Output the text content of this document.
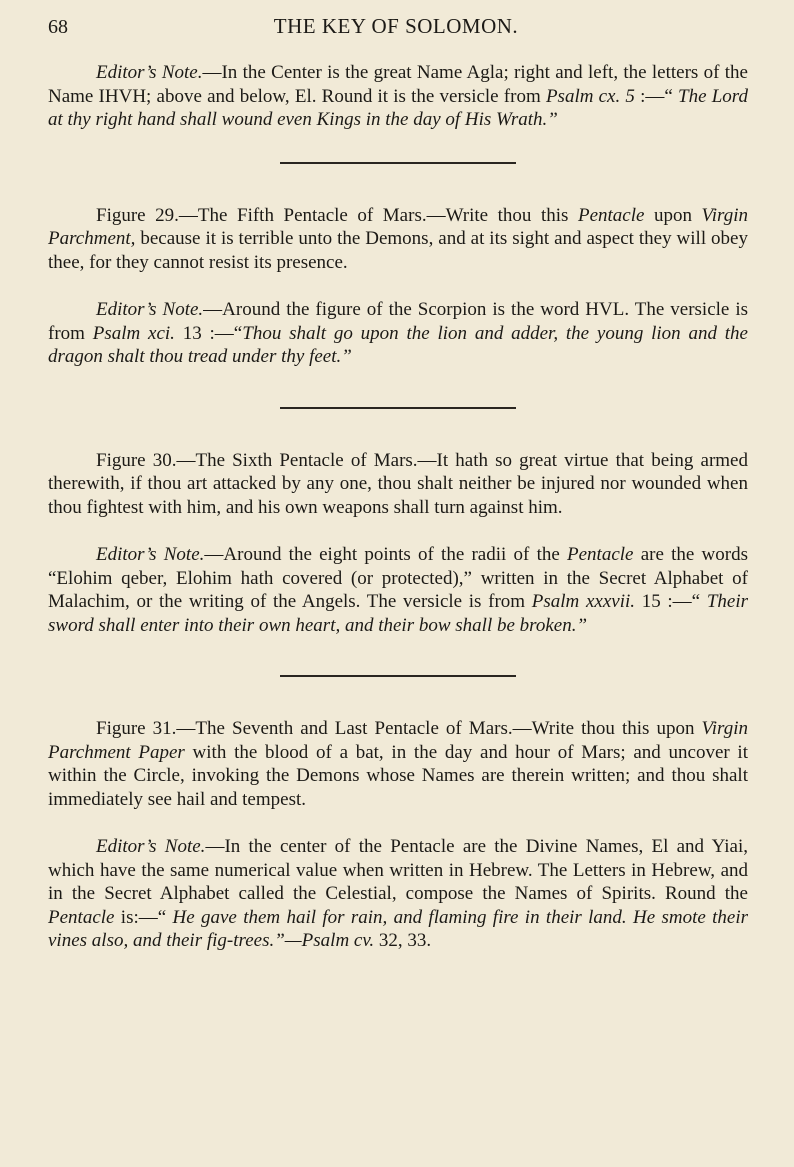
68	THE KEY OF SOLOMON.

Editor’s Note.—In the Center is the great Name Agla; right and left, the letters of the Name IHVH; above and below, El. Round it is the versicle from Psalm cx. 5 :—“ The Lord at thy right hand shall wound even Kings in the day of His Wrath.”

Figure 29.—The Fifth Pentacle of Mars.—Write thou this Pentacle upon Virgin Parchment, because it is terrible unto the Demons, and at its sight and aspect they will obey thee, for they cannot resist its presence.

Editor’s Note.—Around the figure of the Scorpion is the word HVL. The versicle is from Psalm xci. 13 :—“Thou shalt go upon the lion and adder, the young lion and the dragon shalt thou tread under thy feet.”

Figure 30.—The Sixth Pentacle of Mars.—It hath so great virtue that being armed therewith, if thou art attacked by any one, thou shalt neither be injured nor wounded when thou fightest with him, and his own weapons shall turn against him.

Editor’s Note.—Around the eight points of the radii of the Pentacle are the words “Elohim qeber, Elohim hath covered (or protected),” written in the Secret Alphabet of Malachim, or the writing of the Angels. The versicle is from Psalm xxxvii. 15 :—“ Their sword shall enter into their own heart, and their bow shall be broken.”

Figure 31.—The Seventh and Last Pentacle of Mars.—Write thou this upon Virgin Parchment Paper with the blood of a bat, in the day and hour of Mars; and uncover it within the Circle, invoking the Demons whose Names are therein written; and thou shalt immediately see hail and tempest.

Editor’s Note.—In the center of the Pentacle are the Divine Names, El and Yiai, which have the same numerical value when written in Hebrew. The Letters in Hebrew, and in the Secret Alphabet called the Celestial, compose the Names of Spirits. Round the Pentacle is:—“ He gave them hail for rain, and flaming fire in their land. He smote their vines also, and their fig-trees.”—Psalm cv. 32, 33.
